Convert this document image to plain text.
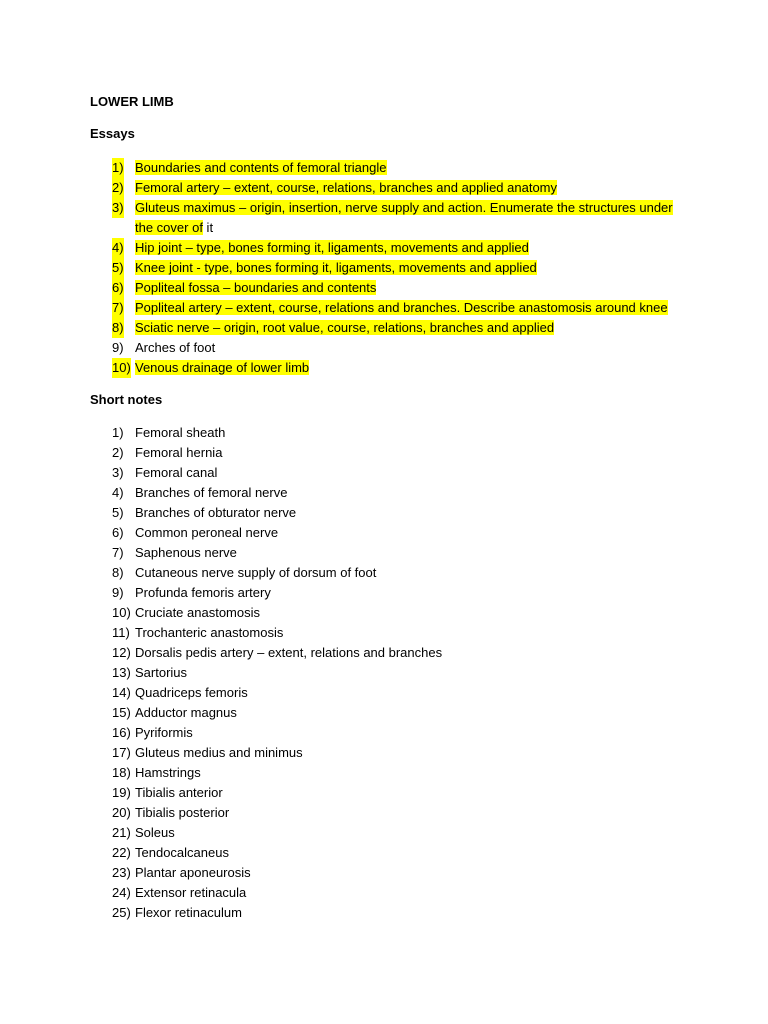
LOWER LIMB
Essays
1) Boundaries and contents of femoral triangle
2) Femoral artery – extent, course, relations, branches and applied anatomy
3) Gluteus maximus – origin, insertion, nerve supply and action. Enumerate the structures under the cover of it
4) Hip joint – type, bones forming it, ligaments, movements and applied
5) Knee joint - type, bones forming it, ligaments, movements and applied
6) Popliteal fossa – boundaries and contents
7) Popliteal artery – extent, course, relations and branches. Describe anastomosis around knee
8) Sciatic nerve – origin, root value, course, relations, branches and applied
9) Arches of foot
10) Venous drainage of lower limb
Short notes
1) Femoral sheath
2) Femoral hernia
3) Femoral canal
4) Branches of femoral nerve
5) Branches of obturator nerve
6) Common peroneal nerve
7) Saphenous nerve
8) Cutaneous nerve supply of dorsum of foot
9) Profunda femoris artery
10) Cruciate anastomosis
11) Trochanteric anastomosis
12) Dorsalis pedis artery – extent, relations and branches
13) Sartorius
14) Quadriceps femoris
15) Adductor magnus
16) Pyriformis
17) Gluteus medius and minimus
18) Hamstrings
19) Tibialis anterior
20) Tibialis posterior
21) Soleus
22) Tendocalcaneus
23) Plantar aponeurosis
24) Extensor retinacula
25) Flexor retinaculum
